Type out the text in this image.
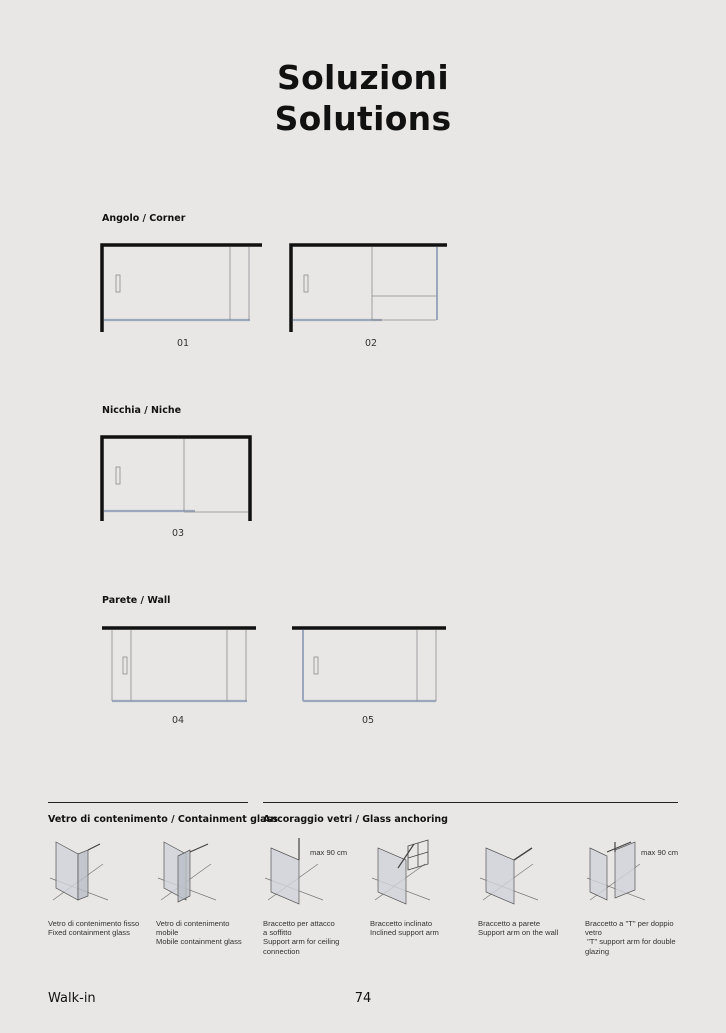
Soluzioni
Solutions
Angolo / Corner
01	02
Nicchia / Niche
03
Parete / Wall
04	05
Vetro di contenimento / Containment glass
Ancoraggio vetri / Glass anchoring
Vetro di contenimento fisso
Fixed containment glass
Vetro di contenimento
mobile
Mobile containment glass
max 90 cm
Braccetto per attacco
a soffitto
Support arm for ceiling
connection
Braccetto inclinato
Inclined support arm
Braccetto a parete
Support arm on the wall
max 90 cm
Braccetto a "T" per doppio
vetro
"T" support arm for double
glazing
Walk-in	74
